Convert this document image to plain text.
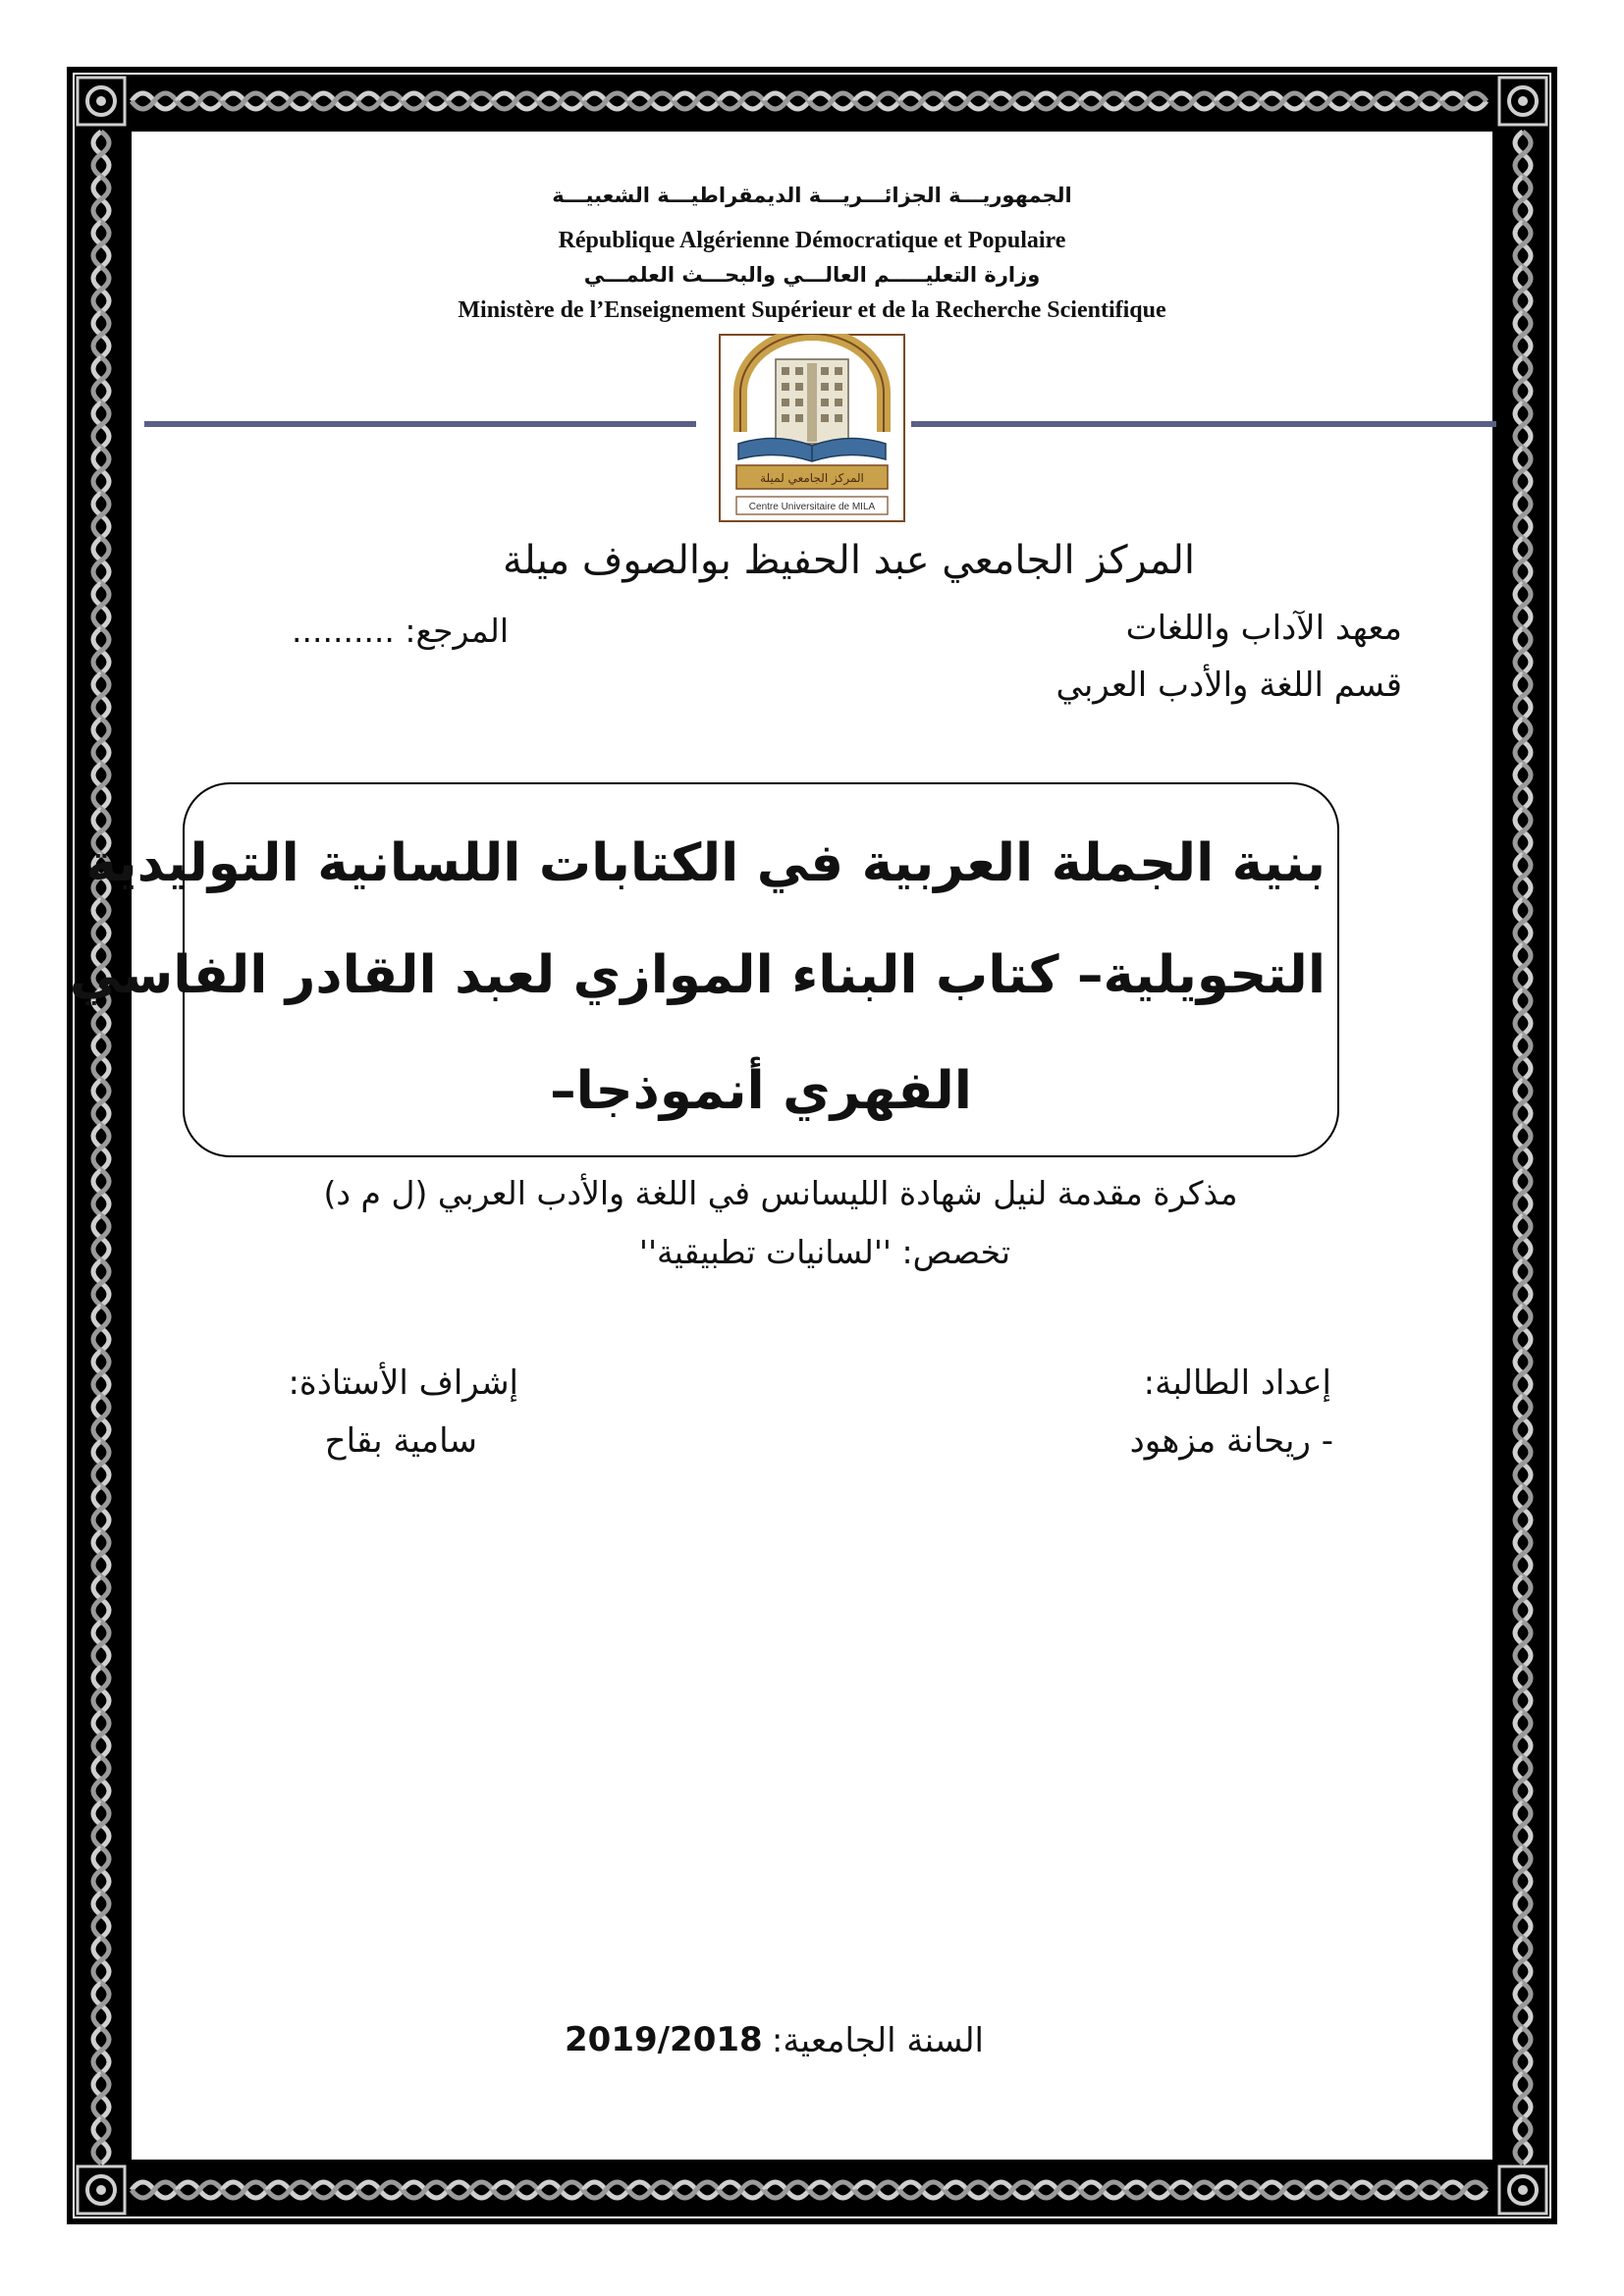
الجمهوريـــة الجزائـــريـــة الديمقراطيـــة الشعبيـــة
République Algérienne Démocratique et Populaire
وزارة التعليـــــم العالـــي والبحـــث العلمـــي
Ministère de l’Enseignement Supérieur et de la Recherche Scientifique
المركز الجامعي لميلة
Centre Universitaire de MILA
المركز الجامعي عبد الحفيظ بوالصوف ميلة
معهد الآداب واللغات
المرجع: ..........
قسم اللغة والأدب العربي
بنية الجملة العربية في الكتابات اللسانية التوليدية
التحويلية– كتاب البناء الموازي لعبد القادر الفاسي
الفهري أنموذجا–
مذكرة مقدمة لنيل شهادة الليسانس في اللغة والأدب العربي (ل م د)
تخصص: ''لسانيات تطبيقية''
إعداد الطالبة:
إشراف الأستاذة:
- ريحانة مزهود
سامية بقاح
السنة الجامعية:
2019/2018
